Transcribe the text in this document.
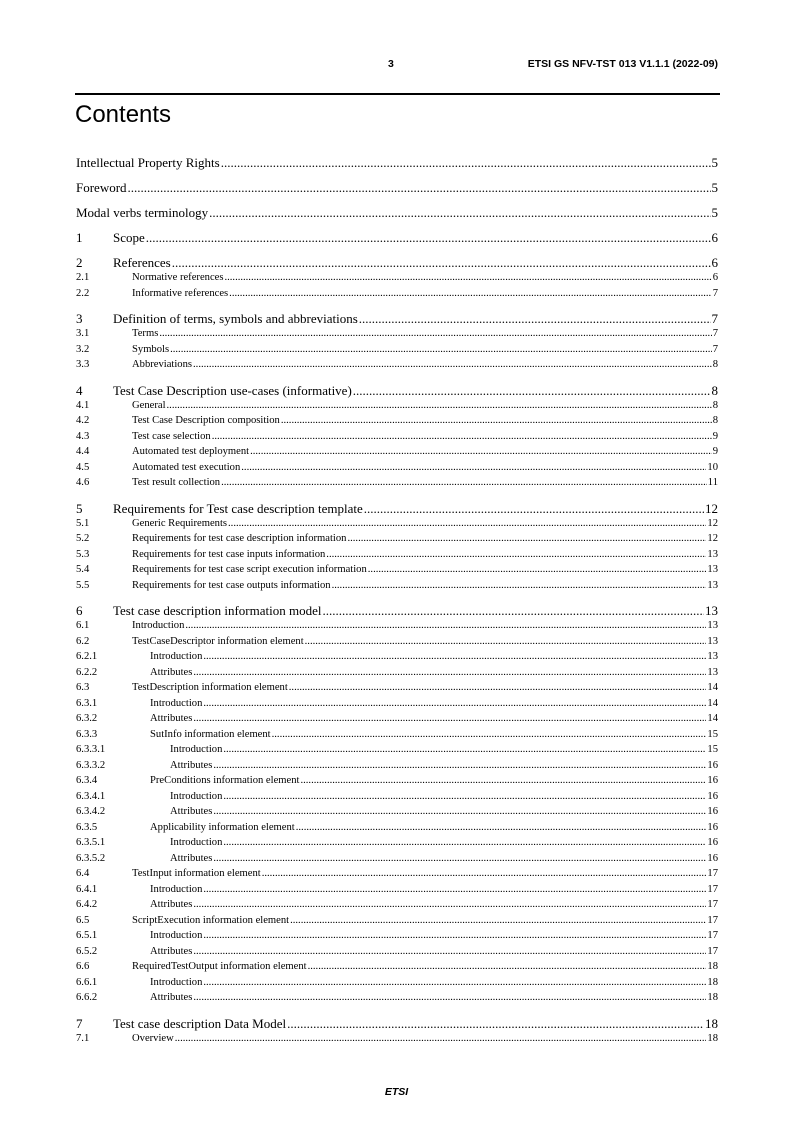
3	ETSI GS NFV-TST 013 V1.1.1 (2022-09)
Contents
Intellectual Property Rights .....	5
Foreword .....	5
Modal verbs terminology .....	5
1	Scope .....	6
2	References .....	6
2.1	Normative references .....	6
2.2	Informative references .....	7
3	Definition of terms, symbols and abbreviations .....	7
3.1	Terms .....	7
3.2	Symbols .....	7
3.3	Abbreviations .....	8
4	Test Case Description use-cases (informative) .....	8
4.1	General .....	8
4.2	Test Case Description composition .....	8
4.3	Test case selection .....	9
4.4	Automated test deployment .....	9
4.5	Automated test execution .....	10
4.6	Test result collection .....	11
5	Requirements for Test case description template .....	12
5.1	Generic Requirements .....	12
5.2	Requirements for test case description information .....	12
5.3	Requirements for test case inputs information .....	13
5.4	Requirements for test case script execution information .....	13
5.5	Requirements for test case outputs information .....	13
6	Test case description information model .....	13
6.1	Introduction .....	13
6.2	TestCaseDescriptor information element .....	13
6.2.1	Introduction .....	13
6.2.2	Attributes .....	13
6.3	TestDescription information element .....	14
6.3.1	Introduction .....	14
6.3.2	Attributes .....	14
6.3.3	SutInfo information element .....	15
6.3.3.1	Introduction .....	15
6.3.3.2	Attributes .....	16
6.3.4	PreConditions information element .....	16
6.3.4.1	Introduction .....	16
6.3.4.2	Attributes .....	16
6.3.5	Applicability information element .....	16
6.3.5.1	Introduction .....	16
6.3.5.2	Attributes .....	16
6.4	TestInput information element .....	17
6.4.1	Introduction .....	17
6.4.2	Attributes .....	17
6.5	ScriptExecution information element .....	17
6.5.1	Introduction .....	17
6.5.2	Attributes .....	17
6.6	RequiredTestOutput information element .....	18
6.6.1	Introduction .....	18
6.6.2	Attributes .....	18
7	Test case description Data Model .....	18
7.1	Overview .....	18
ETSI
